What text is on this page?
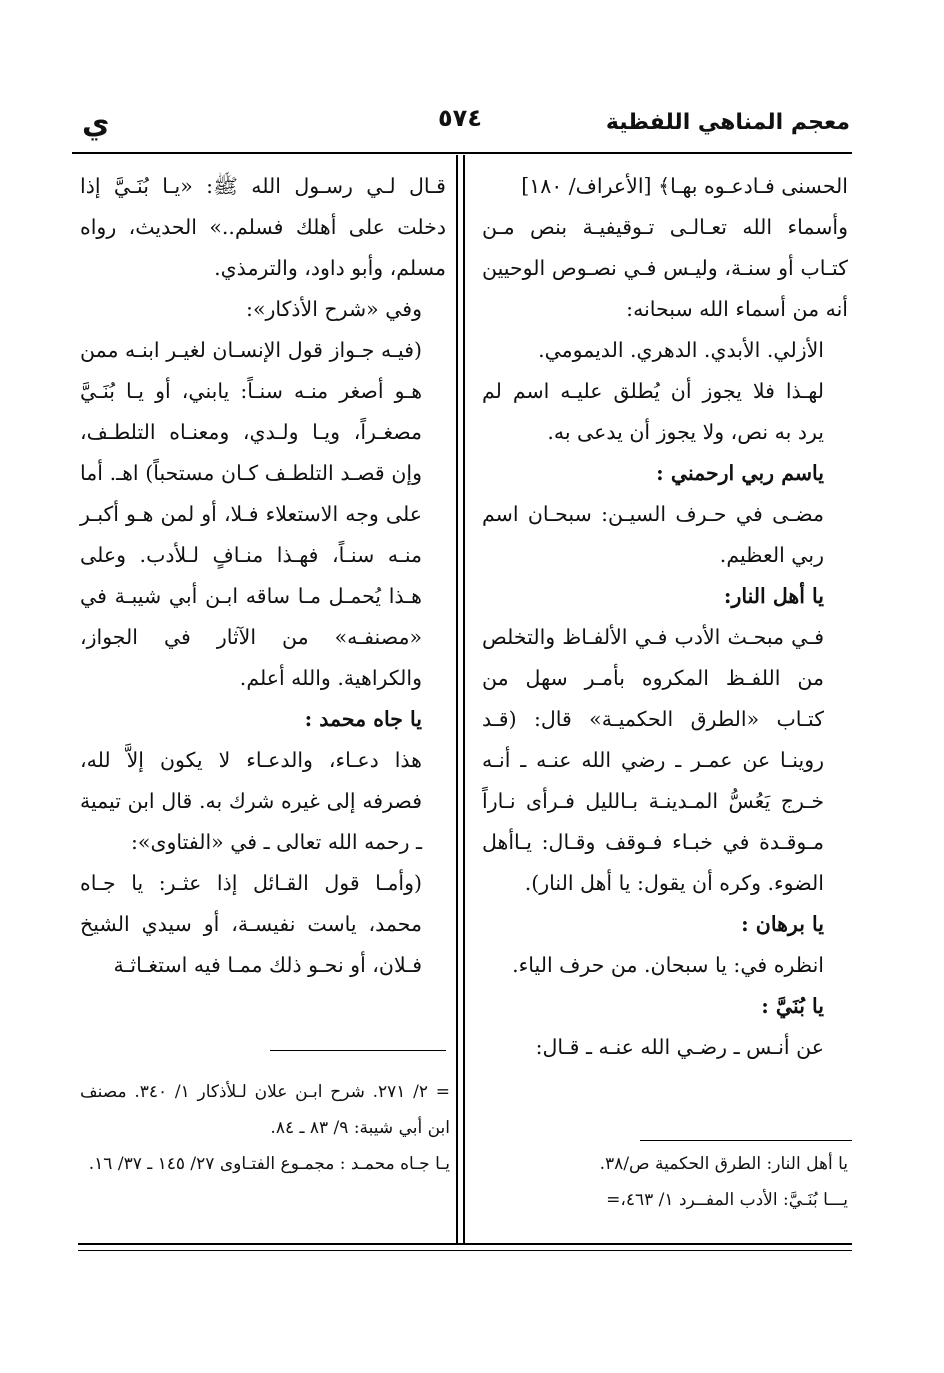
معجم المناهي اللفظية
٥٧٤
ي

الحسنى فـادعـوه بهـا﴾ [الأعراف/ ١٨٠]

وأسماء الله تعـالـى تـوقيفيـة بنص مـن كتـاب أو سنـة، وليـس فـي نصـوص الوحيين أنه من أسماء الله سبحانه:

الأزلي. الأبدي. الدهري. الديمومي.

لهـذا فلا يجوز أن يُطلق عليـه اسم لم يرد به نص، ولا يجوز أن يدعى به.

ياسم ربي ارحمني :

مضـى في حـرف السيـن: سبحـان اسم ربي العظيم.

يا أهل النار:

فـي مبحـث الأدب فـي الألفـاظ والتخلص من اللفـظ المكروه بأمـر سهل من كتـاب «الطرق الحكميـة» قال: (قـد روينـا عن عمـر ـ رضي الله عنـه ـ أنـه خـرج يَعُسُّ المـدينـة بـالليل فـرأى نـاراً مـوقـدة في خبـاء فـوقف وقـال: يـاأهل الضوء. وكره أن يقول: يا أهل النار).

يا برهان :

انظره في: يا سبحان. من حرف الياء.

يا بُنَيَّ :

عن أنـس ـ رضـي الله عنـه ـ قـال:

قـال لـي رسـول الله ﷺ: «يـا بُنَـيَّ إذا دخلت على أهلك فسلم..» الحديث، رواه مسلم، وأبو داود، والترمذي.

وفي «شرح الأذكار»:

(فيـه جـواز قول الإنسـان لغيـر ابنـه ممن هـو أصغر منـه سنـاً: يابني، أو يـا بُنَـيَّ مصغـراً، ويـا ولـدي، ومعنـاه التلطـف، وإن قصـد التلطـف كـان مستحباً) اهـ. أما على وجه الاستعلاء فـلا، أو لمن هـو أكبـر منـه سنـاً، فهـذا منـافٍ لـلأدب. وعلى هـذا يُحمـل مـا ساقه ابـن أبي شيبـة في «مصنفـه» من الآثار في الجواز، والكراهية. والله أعلم.

يا جاه محمد :

هذا دعـاء، والدعـاء لا يكون إلاَّ لله، فصرفه إلى غيره شرك به. قال ابن تيمية ـ رحمه الله تعالى ـ في «الفتاوى»:

(وأمـا قول القـائل إذا عثـر: يا جـاه محمد، ياست نفيسـة، أو سيدي الشيخ فـلان، أو نحـو ذلك ممـا فيه استغـاثـة

يا أهل النار: الطرق الحكمية ص/٣٨.

يـــا بُنَـيَّ: الأدب المفــرد ١/ ٤٦٣،=

= ٢/ ٢٧١. شرح ابـن علان لـلأذكار ١/ ٣٤٠. مصنف ابن أبي شيبة: ٩/ ٨٣ ـ ٨٤.

يـا جـاه محمـد : مجمـوع الفتـاوى ٢٧/ ١٤٥ ـ ٣٧/ ١٦.
